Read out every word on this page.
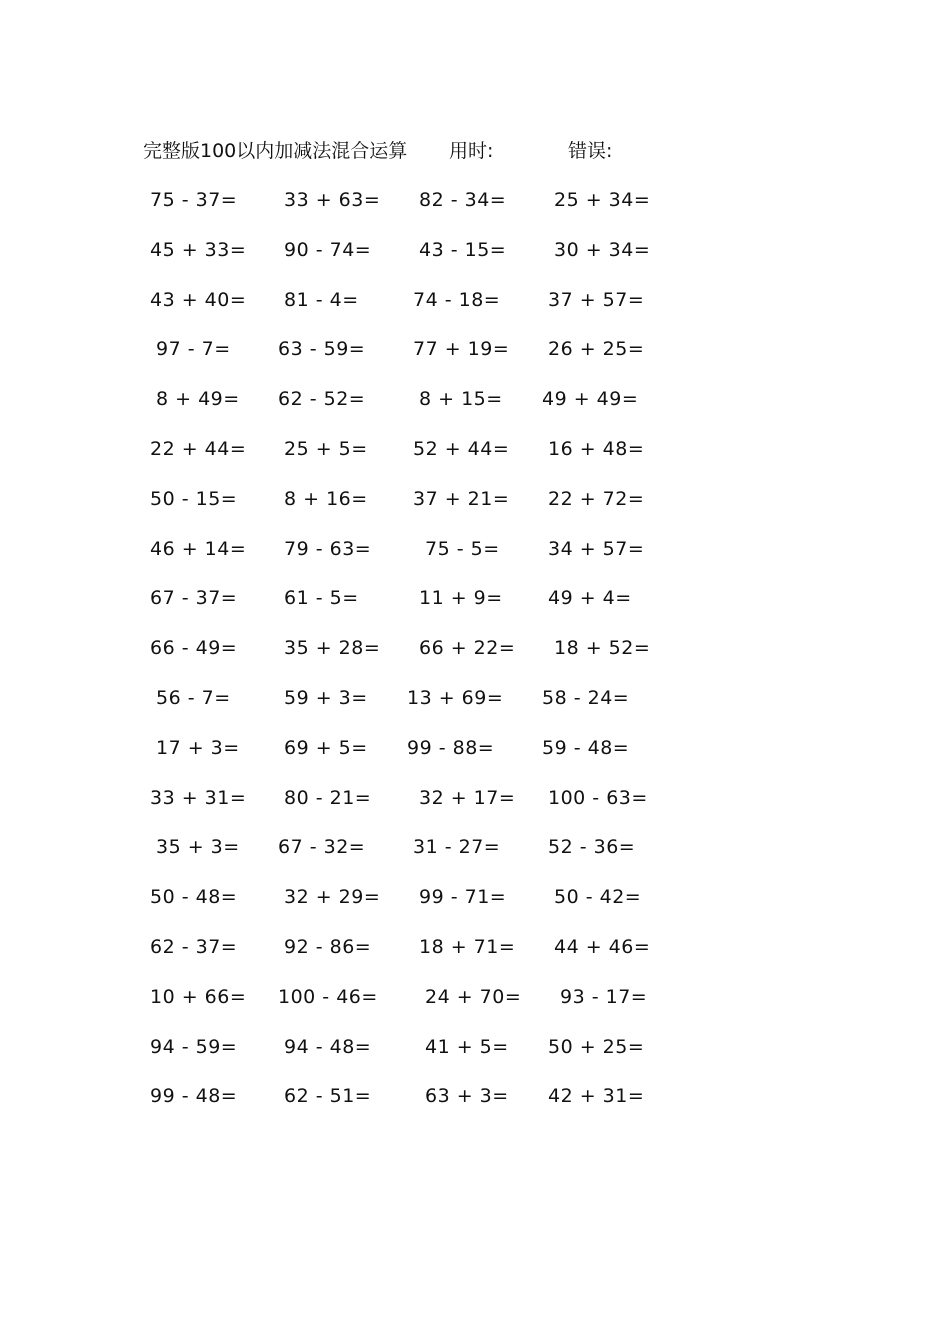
完整版100以内加减法混合运算 用时:	错误:
75 - 37= 33 + 63= 82 - 34=	25 + 34=
45 + 33= 90 - 74=	43 - 15=	30 + 34=
43 + 40= 81 - 4=	74 - 18=	37 + 57=
97 - 7= 63 - 59=	77 + 19= 26 + 25=
8 + 49= 62 - 52=	8 + 15= 49 + 49=
22 + 44= 25 + 5= 52 + 44= 16 + 48=
50 - 15= 8 + 16= 37 + 21= 22 + 72=
46 + 14= 79 - 63=	75 - 5=	34 + 57=
67 - 37= 61 - 5=	11 + 9= 49 + 4=
66 - 49= 35 + 28= 66 + 22= 18 + 52=
56 - 7=	59 + 3= 13 + 69= 58 - 24=
17 + 3= 69 + 5= 99 - 88=	59 - 48=
33 + 31= 80 - 21=	32 + 17= 100 - 63=
35 + 3= 67 - 32=	31 - 27=	52 - 36=
50 - 48= 32 + 29= 99 - 71=	50 - 42=
62 - 37= 92 - 86=	18 + 71= 44 + 46=
10 + 66= 100 - 46= 24 + 70= 93 - 17=
94 - 59= 94 - 48=	41 + 5= 50 + 25=
99 - 48= 62 - 51=	63 + 3= 42 + 31=
